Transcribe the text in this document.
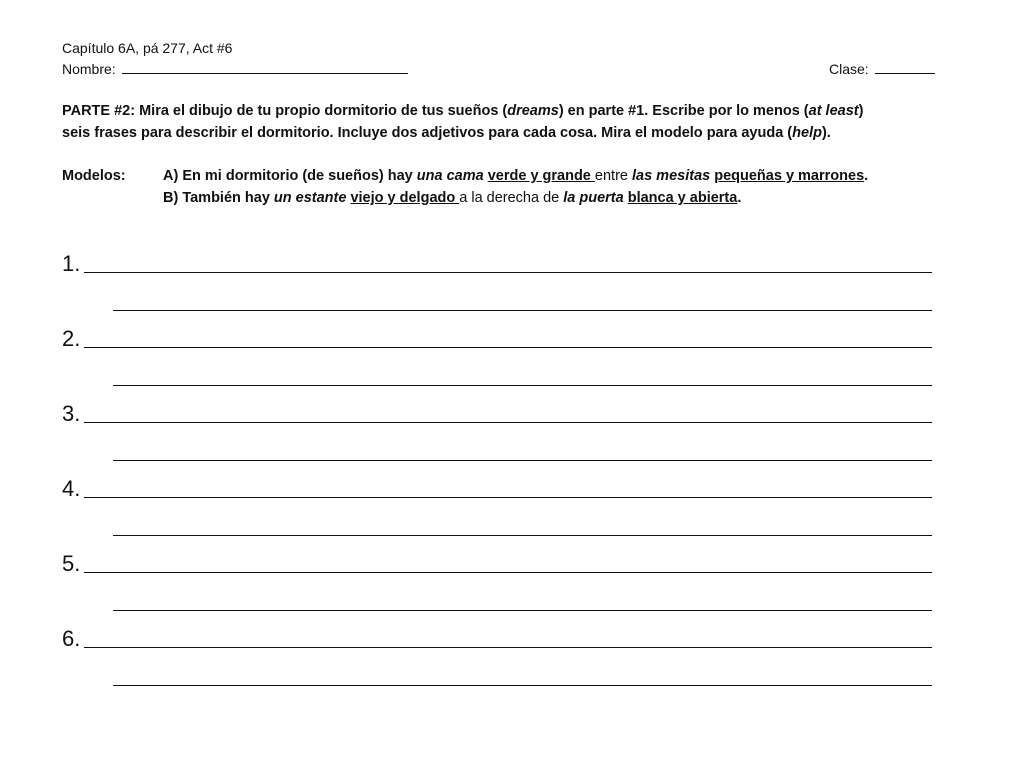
Capítulo 6A, pá 277, Act #6
Nombre:	Clase:

PARTE #2: Mira el dibujo de tu propio dormitorio de tus sueños (dreams) en parte #1. Escribe por lo menos (at least)

seis frases para describir el dormitorio. Incluye dos adjetivos para cada cosa. Mira el modelo para ayuda (help).

Modelos:	A) En mi dormitorio (de sueños) hay una cama verde y grande entre las mesitas pequeñas y marrones.
B) También hay un estante viejo y delgado a la derecha de la puerta blanca y abierta.
1.
2.
3.
4.
5.
6.
